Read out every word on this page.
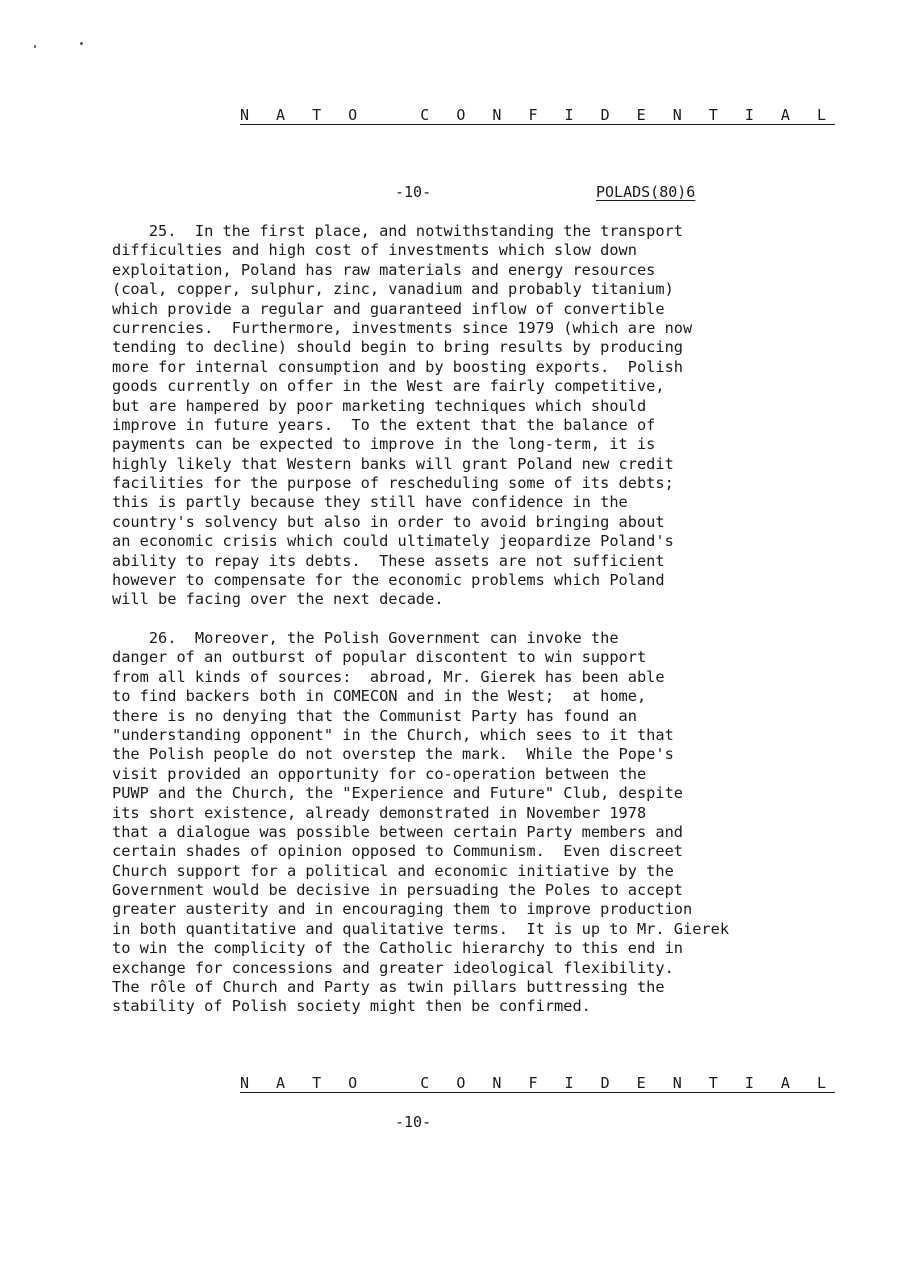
N A T O   C O N F I D E N T I A L
-10-	POLADS(80)6
25.  In the first place, and notwithstanding the transport
difficulties and high cost of investments which slow down
exploitation, Poland has raw materials and energy resources
(coal, copper, sulphur, zinc, vanadium and probably titanium)
which provide a regular and guaranteed inflow of convertible
currencies.  Furthermore, investments since 1979 (which are now
tending to decline) should begin to bring results by producing
more for internal consumption and by boosting exports.  Polish
goods currently on offer in the West are fairly competitive,
but are hampered by poor marketing techniques which should
improve in future years.  To the extent that the balance of
payments can be expected to improve in the long-term, it is
highly likely that Western banks will grant Poland new credit
facilities for the purpose of rescheduling some of its debts;
this is partly because they still have confidence in the
country's solvency but also in order to avoid bringing about
an economic crisis which could ultimately jeopardize Poland's
ability to repay its debts.  These assets are not sufficient
however to compensate for the economic problems which Poland
will be facing over the next decade.
26.  Moreover, the Polish Government can invoke the
danger of an outburst of popular discontent to win support
from all kinds of sources:  abroad, Mr. Gierek has been able
to find backers both in COMECON and in the West;  at home,
there is no denying that the Communist Party has found an
"understanding opponent" in the Church, which sees to it that
the Polish people do not overstep the mark.  While the Pope's
visit provided an opportunity for co-operation between the
PUWP and the Church, the "Experience and Future" Club, despite
its short existence, already demonstrated in November 1978
that a dialogue was possible between certain Party members and
certain shades of opinion opposed to Communism.  Even discreet
Church support for a political and economic initiative by the
Government would be decisive in persuading the Poles to accept
greater austerity and in encouraging them to improve production
in both quantitative and qualitative terms.  It is up to Mr. Gierek
to win the complicity of the Catholic hierarchy to this end in
exchange for concessions and greater ideological flexibility.
The rôle of Church and Party as twin pillars buttressing the
stability of Polish society might then be confirmed.
N A T O   C O N F I D E N T I A L
-10-
